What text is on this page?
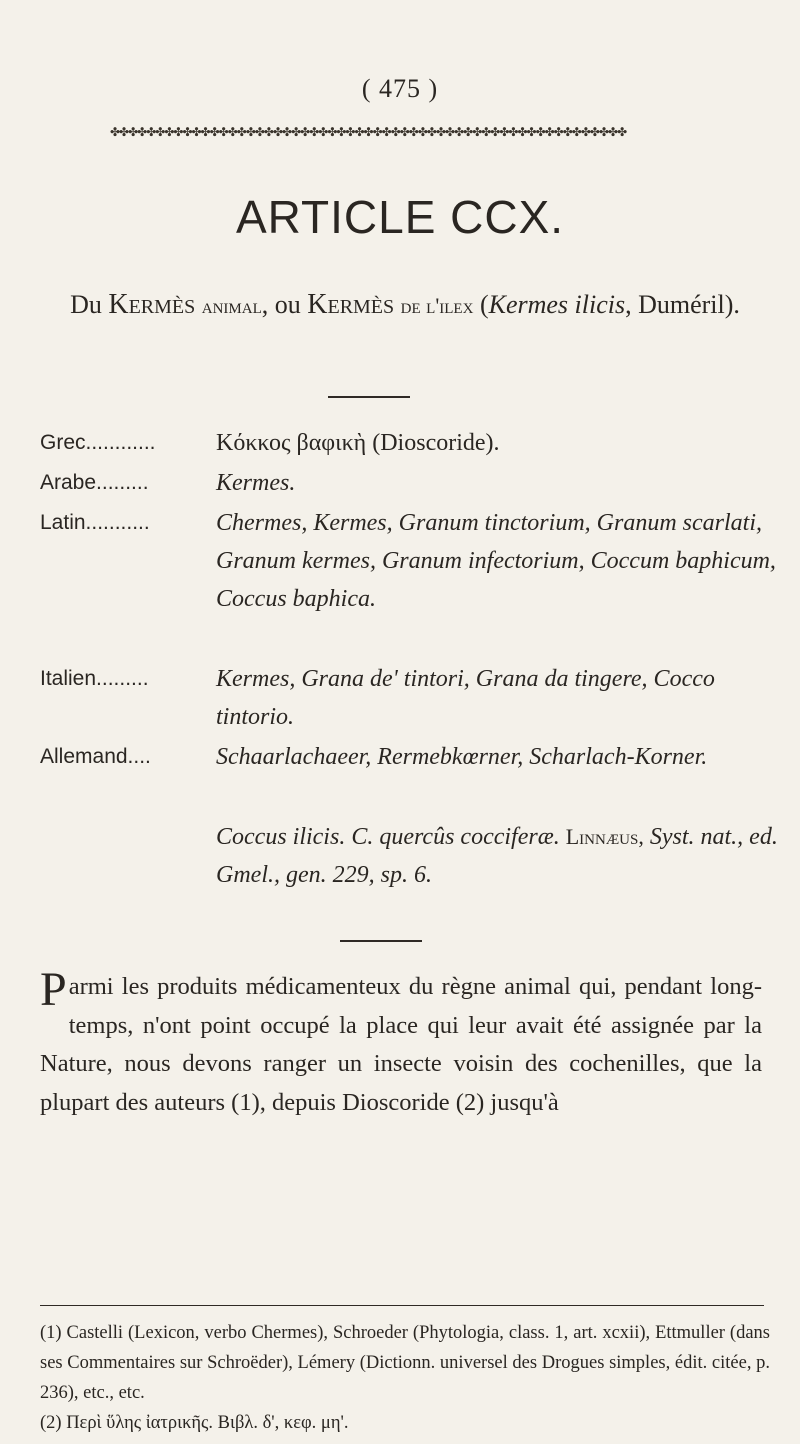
( 475 )
✤✤✤✤✤✤✤✤✤✤✤✤✤✤✤✤✤✤✤✤✤✤✤✤✤✤✤✤✤✤✤✤✤✤✤✤✤✤✤✤✤✤✤✤✤✤✤✤✤✤✤✤✤✤✤✤✤
ARTICLE CCX.
Du Kermès animal, ou Kermès de l'ilex (Kermes ilicis, Duméril).
Grec............	Κόκκος βαφικὴ (Dioscoride).
Arabe.........	Kermes.
Latin...........	Chermes, Kermes, Granum tinctorium, Granum scarlati, Granum kermes, Granum infectorium, Coccum baphicum, Coccus baphica.
Italien.........	Kermes, Grana de' tintori, Grana da tingere, Cocco tintorio.
Allemand....	Schaarlachaeer, Rermebkœrner, Scharlach-Korner.
Coccus ilicis. C. quercûs cocciferæ. Linnæus, Syst. nat., ed. Gmel., gen. 229, sp. 6.
Parmi les produits médicamenteux du règne animal qui, pendant long-temps, n'ont point occupé la place qui leur avait été assignée par la Nature, nous devons ranger un insecte voisin des cochenilles, que la plupart des auteurs (1), depuis Dioscoride (2) jusqu'à

(1) Castelli (Lexicon, verbo Chermes), Schroeder (Phytologia, class. 1, art. xcxii), Ettmuller (dans ses Commentaires sur Schroëder), Lémery (Dictionn. universel des Drogues simples, édit. citée, p. 236), etc., etc.

(2) Περὶ ὕλης ἰατρικῆς. Βιβλ. δ', κεφ. μη'.
